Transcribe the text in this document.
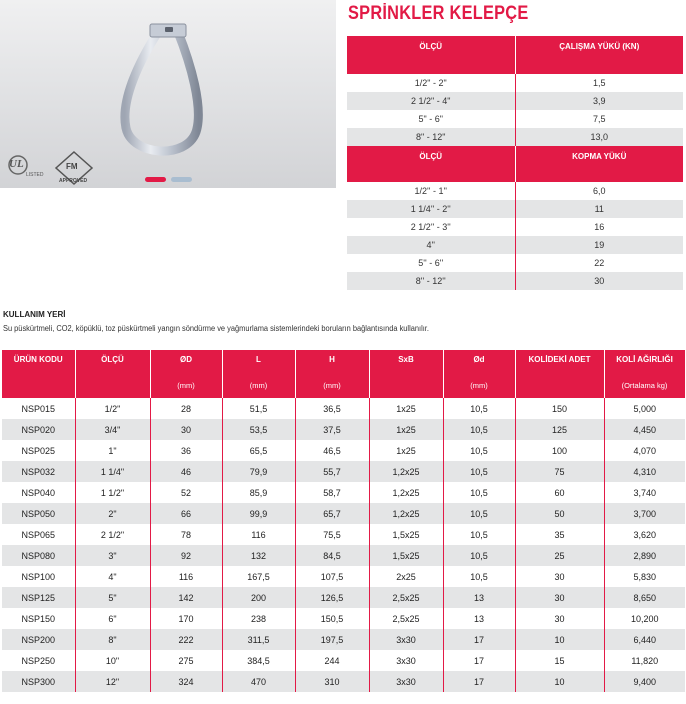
UL
LISTED
FM
APPROVED
SPRİNKLER KELEPÇE
ÖLÇÜ	ÇALIŞMA YÜKÜ (KN)
1/2" - 2"	1,5
2 1/2" - 4"	3,9
5" - 6"	7,5
8" - 12"	13,0
ÖLÇÜ	KOPMA YÜKÜ
1/2'' - 1''	6,0
1 1/4'' - 2''	11
2 1/2'' - 3''	16
4''	19
5'' - 6''	22
8'' - 12''	30
KULLANIM YERİ
Su püskürtmeli, CO2, köpüklü, toz püskürtmeli yangın söndürme ve yağmurlama sistemlerindeki boruların bağlantısında kullanılır.
ÜRÜN KODU	ÖLÇÜ	ØD	L	H	SxB	Ød	KOLİDEKİ ADET	KOLİ AĞIRLIĞI
		(mm)	(mm)	(mm)		(mm)		(Ortalama kg)
NSP015	1/2"	28	51,5	36,5	1x25	10,5	150	5,000
NSP020	3/4"	30	53,5	37,5	1x25	10,5	125	4,450
NSP025	1"	36	65,5	46,5	1x25	10,5	100	4,070
NSP032	1 1/4"	46	79,9	55,7	1,2x25	10,5	75	4,310
NSP040	1 1/2"	52	85,9	58,7	1,2x25	10,5	60	3,740
NSP050	2"	66	99,9	65,7	1,2x25	10,5	50	3,700
NSP065	2 1/2"	78	116	75,5	1,5x25	10,5	35	3,620
NSP080	3"	92	132	84,5	1,5x25	10,5	25	2,890
NSP100	4"	116	167,5	107,5	2x25	10,5	30	5,830
NSP125	5"	142	200	126,5	2,5x25	13	30	8,650
NSP150	6"	170	238	150,5	2,5x25	13	30	10,200
NSP200	8"	222	311,5	197,5	3x30	17	10	6,440
NSP250	10"	275	384,5	244	3x30	17	15	11,820
NSP300	12"	324	470	310	3x30	17	10	9,400
